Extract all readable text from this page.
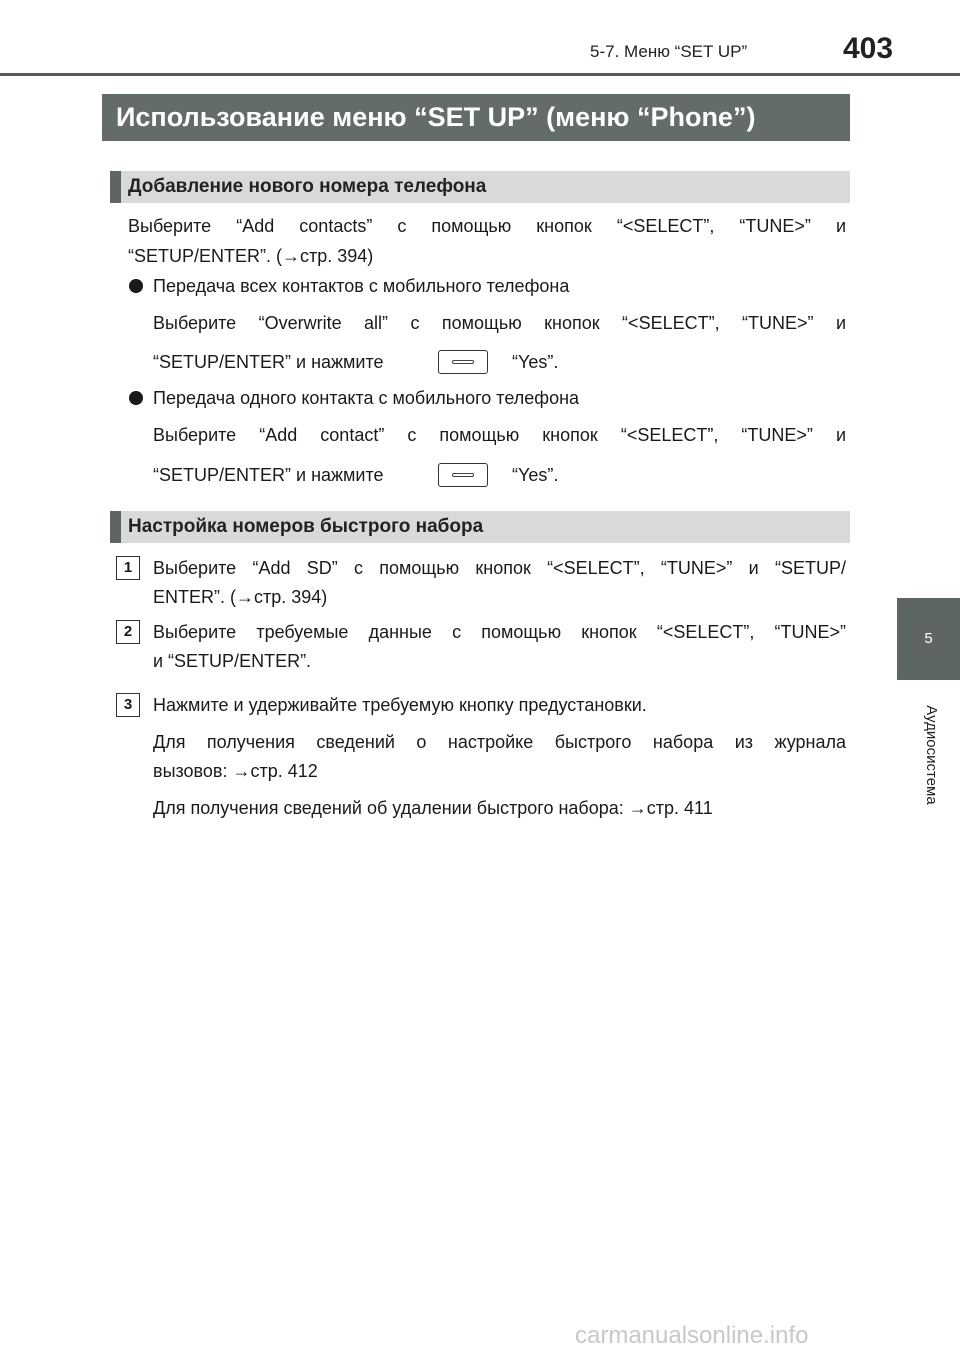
5-7. Меню “SET UP”	403
Использование меню “SET UP” (меню “Phone”)
Добавление нового номера телефона
Выберите “Add contacts” с помощью кнопок “<SELECT”, “TUNE>” и
“SETUP/ENTER”. (→стр. 394)
Передача всех контактов с мобильного телефона
Выберите “Overwrite all” с помощью кнопок “<SELECT”, “TUNE>” и
“SETUP/ENTER” и нажмите	“Yes”.
Передача одного контакта с мобильного телефона
Выберите “Add contact” с помощью кнопок “<SELECT”, “TUNE>” и
“SETUP/ENTER” и нажмите	“Yes”.
Настройка номеров быстрого набора
1	Выберите “Add SD” с помощью кнопок “<SELECT”, “TUNE>” и “SETUP/
ENTER”. (→стр. 394)
2	Выберите требуемые данные с помощью кнопок “<SELECT”, “TUNE>”
и “SETUP/ENTER”.
3	Нажмите и удерживайте требуемую кнопку предустановки.
Для получения сведений о настройке быстрого набора из журнала
вызовов: →стр. 412
Для получения сведений об удалении быстрого набора: →стр. 411
5
Аудиосистема
carmanualsonline.info
